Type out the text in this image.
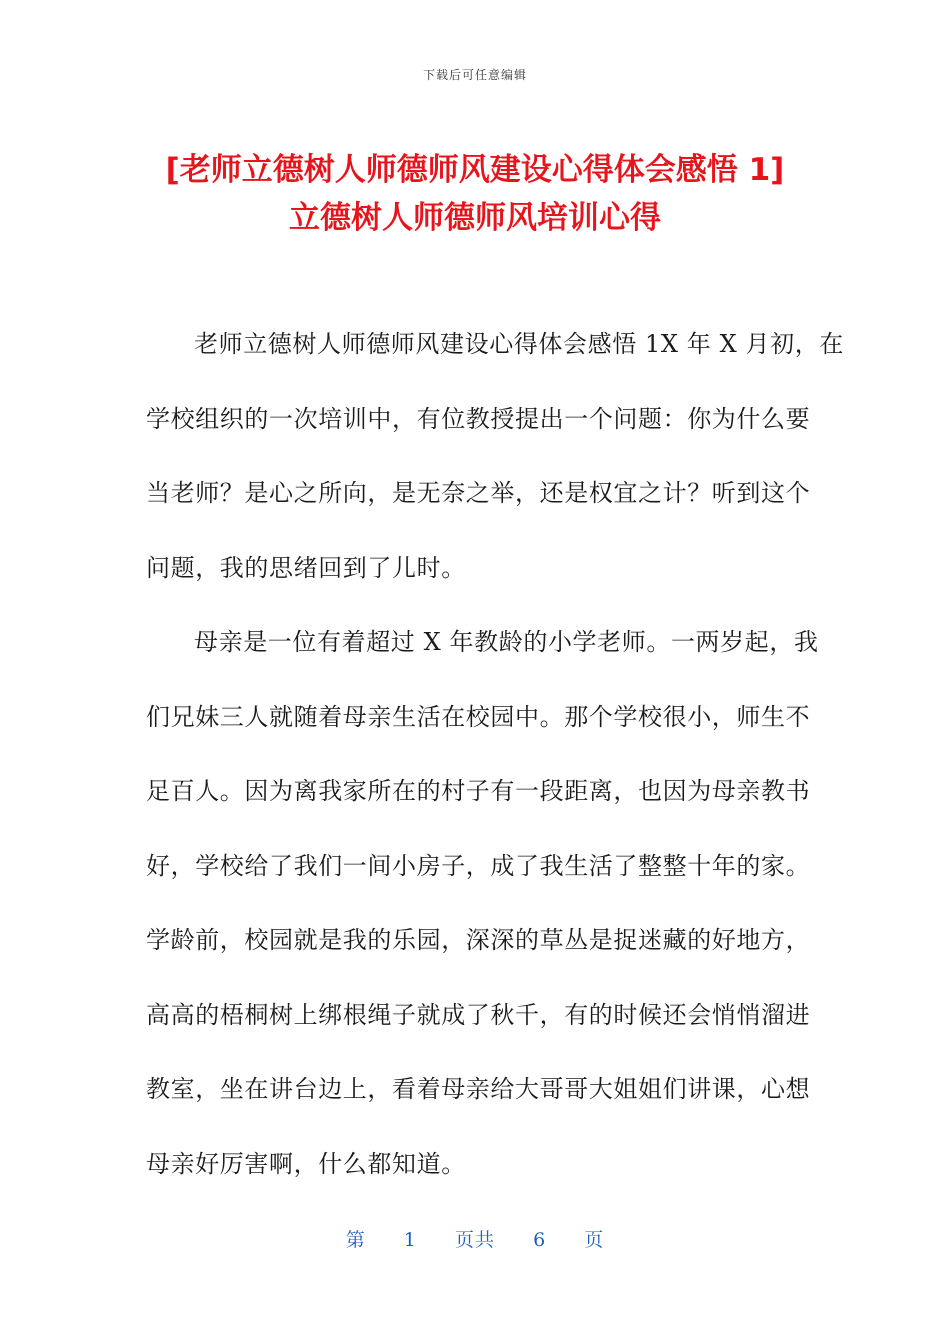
下载后可任意编辑
[老师立德树人师德师风建设心得体会感悟 1]
立德树人师德师风培训心得
老师立德树人师德师风建设心得体会感悟 1X 年 X 月初，在
学校组织的一次培训中，有位教授提出一个问题：你为什么要
当老师？是心之所向，是无奈之举，还是权宜之计？听到这个
问题，我的思绪回到了儿时。
母亲是一位有着超过 X 年教龄的小学老师。一两岁起，我
们兄妹三人就随着母亲生活在校园中。那个学校很小，师生不
足百人。因为离我家所在的村子有一段距离，也因为母亲教书
好，学校给了我们一间小房子，成了我生活了整整十年的家。
学龄前，校园就是我的乐园，深深的草丛是捉迷藏的好地方，
高高的梧桐树上绑根绳子就成了秋千，有的时候还会悄悄溜进
教室，坐在讲台边上，看着母亲给大哥哥大姐姐们讲课，心想
母亲好厉害啊，什么都知道。
第 1 页共 6 页
